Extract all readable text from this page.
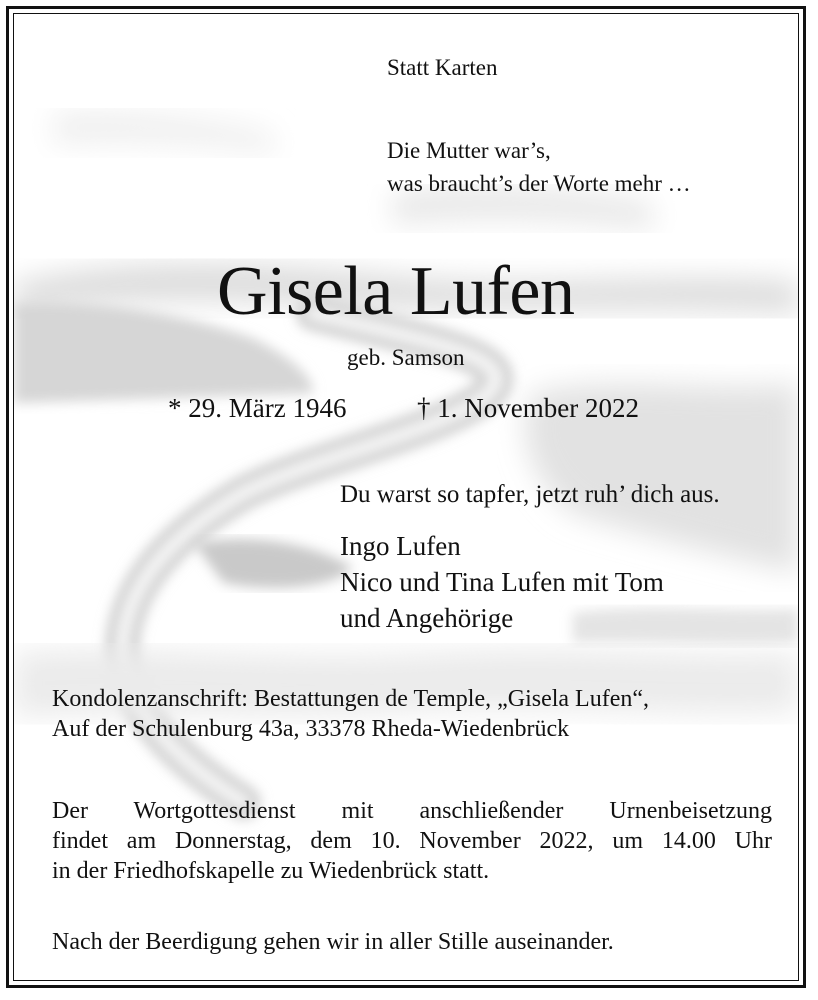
Statt Karten
Die Mutter war’s,
was braucht’s der Worte mehr …
Gisela Lufen
geb. Samson
* 29. März 1946	† 1. November 2022
Du warst so tapfer, jetzt ruh’ dich aus.
Ingo Lufen
Nico und Tina Lufen mit Tom
und Angehörige
Kondolenzanschrift: Bestattungen de Temple, „Gisela Lufen“,
Auf der Schulenburg 43a, 33378 Rheda-Wiedenbrück
Der Wortgottesdienst mit anschließender Urnenbeisetzung
findet am Donnerstag, dem 10. November 2022, um 14.00 Uhr
in der Friedhofskapelle zu Wiedenbrück statt.
Nach der Beerdigung gehen wir in aller Stille auseinander.
